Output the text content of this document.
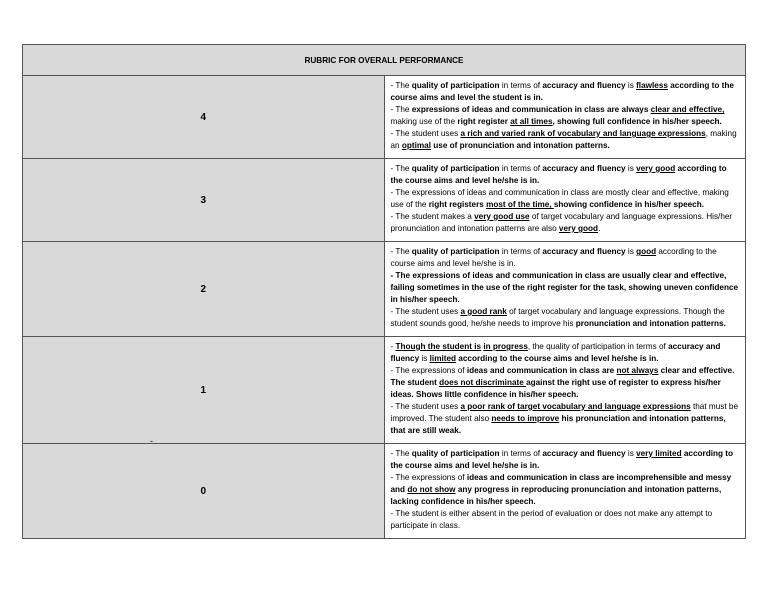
RUBRIC FOR OVERALL PERFORMANCE	
4	- The quality of participation in terms of accuracy and fluency is flawless according to the course aims and level the student is in.
- The expressions of ideas and communication in class are always clear and effective, making use of the right register at all times, showing full confidence in his/her speech.
- The student uses a rich and varied rank of vocabulary and language expressions, making an optimal use of pronunciation and intonation patterns.

3	- The quality of participation in terms of accuracy and fluency is very good according to the course aims and level he/she is in.
- The expressions of ideas and communication in class are mostly clear and effective, making use of the right registers most of the time, showing confidence in his/her speech.
- The student makes a very good use of target vocabulary and language expressions. His/her pronunciation and intonation patterns are also very good.

2	- The quality of participation in terms of accuracy and fluency is good according to the course aims and level he/she is in.
- The expressions of ideas and communication in class are usually clear and effective, failing sometimes in the use of the right register for the task, showing uneven confidence in his/her speech.
- The student uses a good rank of target vocabulary and language expressions. Though the student sounds good, he/she needs to improve his pronunciation and intonation patterns.

1	- Though the student is in progress, the quality of participation in terms of accuracy and fluency is limited according to the course aims and level he/she is in.
- The expressions of ideas and communication in class are not always clear and effective. The student does not discriminate against the right use of register to express his/her ideas. Shows little confidence in his/her speech.
- The student uses a poor rank of target vocabulary and language expressions that must be improved. The student also needs to improve his pronunciation and intonation patterns, that are still weak.

0	- The quality of participation in terms of accuracy and fluency is very limited according to the course aims and level he/she is in.
- The expressions of ideas and communication in class are incomprehensible and messy and do not show any progress in reproducing pronunciation and intonation patterns, lacking confidence in his/her speech.
- The student is either absent in the period of evaluation or does not make any attempt to participate in class.
-
